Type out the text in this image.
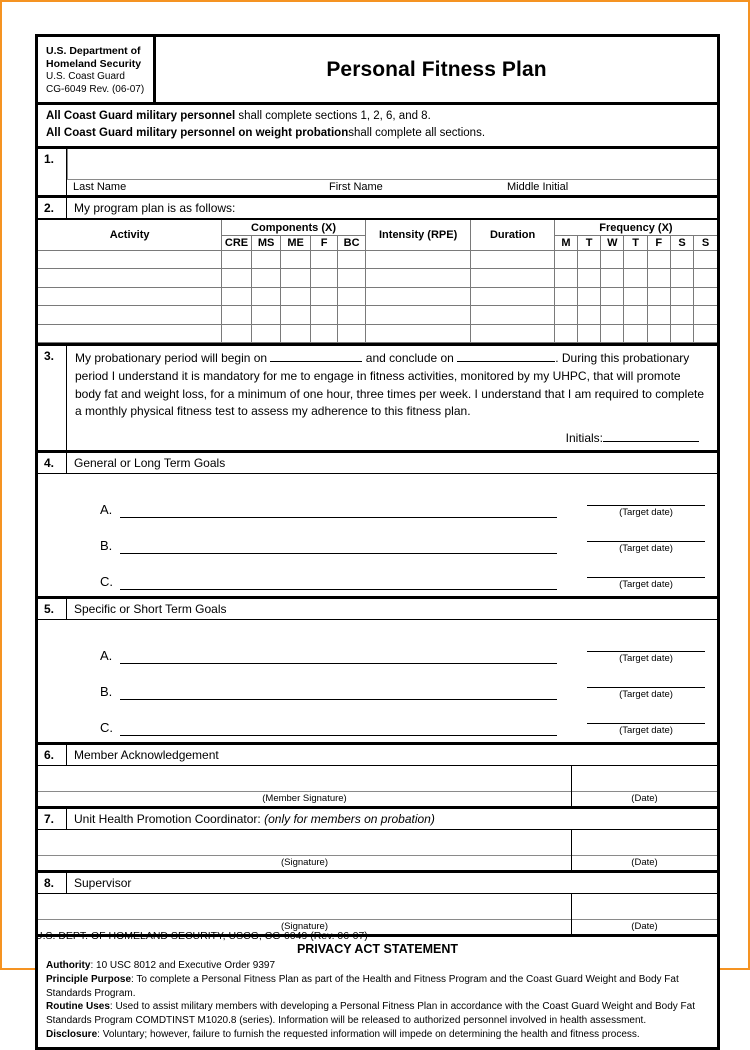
U.S. Department of
Homeland Security
U.S. Coast Guard
CG-6049 Rev. (06-07)
Personal Fitness Plan
All Coast Guard military personnel shall complete sections 1, 2, 6, and 8.
All Coast Guard military personnel on weight probationshall complete all sections.
1.
Last Name	First Name	Middle Initial
2.	My program plan is as follows:
Activity	Components (X)					Intensity (RPE)	Duration	Frequency (X)						
	CRE	MS	ME	F	BC			M	T	W	T	F	S	S

3.	My probationary period will begin on	and conclude on	. During this probationary period I understand it is mandatory for me to engage in fitness activities, monitored by my UHPC, that will promote body fat and weight loss, for a minimum of one hour, three times per week. I understand that I am required to complete a monthly physical fitness test to assess my adherence to this fitness plan.
Initials:
4.	General or Long Term Goals
A.	(Target date)
B.	(Target date)
C.	(Target date)
5.	Specific or Short Term Goals
A.	(Target date)
B.	(Target date)
C.	(Target date)
6.	Member Acknowledgement
(Member Signature)	(Date)
7.	Unit Health Promotion Coordinator: (only for members on probation)
(Signature)	(Date)
8.	Supervisor
(Signature)	(Date)
PRIVACY ACT STATEMENT
Authority: 10 USC 8012 and Executive Order 9397
Principle Purpose: To complete a Personal Fitness Plan as part of the Health and Fitness Program and the Coast Guard Weight and Body Fat Standards Program.
Routine Uses: Used to assist military members with developing a Personal Fitness Plan in accordance with the Coast Guard Weight and Body Fat Standards Program COMDTINST M1020.8 (series). Information will be released to authorized personnel involved in health assessment.
Disclosure: Voluntary; however, failure to furnish the requested information will impede on determining the health and fitness process.
U.S. DEPT. OF HOMELAND SECURITY, USCG, CG-6049 (Rev. 06-07)
